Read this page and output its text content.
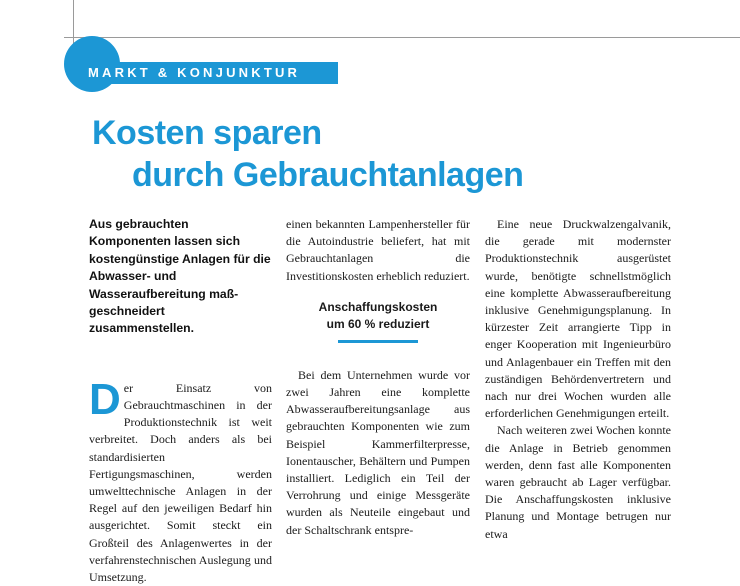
MARKT & KONJUNKTUR
Kosten sparen
durch Gebrauchtanlagen

Aus gebrauchten Komponenten lassen sich kostengünstige Anlagen für die Abwasser- und Wasseraufbereitung maß-geschneidert zusammenstellen.

D er Einsatz von Gebrauchtmaschinen in der Produktionstechnik ist weit verbreitet. Doch anders als bei standardisierten Fertigungsmaschinen, werden umwelttechnische Anlagen in der Regel auf den jeweiligen Bedarf hin ausgerichtet. Somit steckt ein Großteil des Anlagenwertes in der verfahrenstechnischen Auslegung und Umsetzung.

einen bekannten Lampenhersteller für die Autoindustrie beliefert, hat mit Gebrauchtanlagen die Investitionskosten erheblich reduziert.

Anschaffungskosten
um 60 % reduziert

Bei dem Unternehmen wurde vor zwei Jahren eine komplette Abwasseraufbereitungsanlage aus gebrauchten Komponenten wie zum Beispiel Kammerfilterpresse, Ionentauscher, Behältern und Pumpen installiert. Lediglich ein Teil der Verrohrung und einige Messgeräte wurden als Neuteile eingebaut und der Schaltschrank entspre-

Eine neue Druckwalzengalvanik, die gerade mit modernster Produktionstechnik ausgerüstet wurde, benötigte schnellstmöglich eine komplette Abwasseraufbereitung inklusive Genehmigungsplanung. In kürzester Zeit arrangierte Tipp in enger Kooperation mit Ingenieurbüro und Anlagenbauer ein Treffen mit den zuständigen Behördenvertretern und nach nur drei Wochen wurden alle erforderlichen Genehmigungen erteilt.

Nach weiteren zwei Wochen konnte die Anlage in Betrieb genommen werden, denn fast alle Komponenten waren gebraucht ab Lager verfügbar. Die Anschaffungskosten inklusive Planung und Montage betrugen nur etwa
